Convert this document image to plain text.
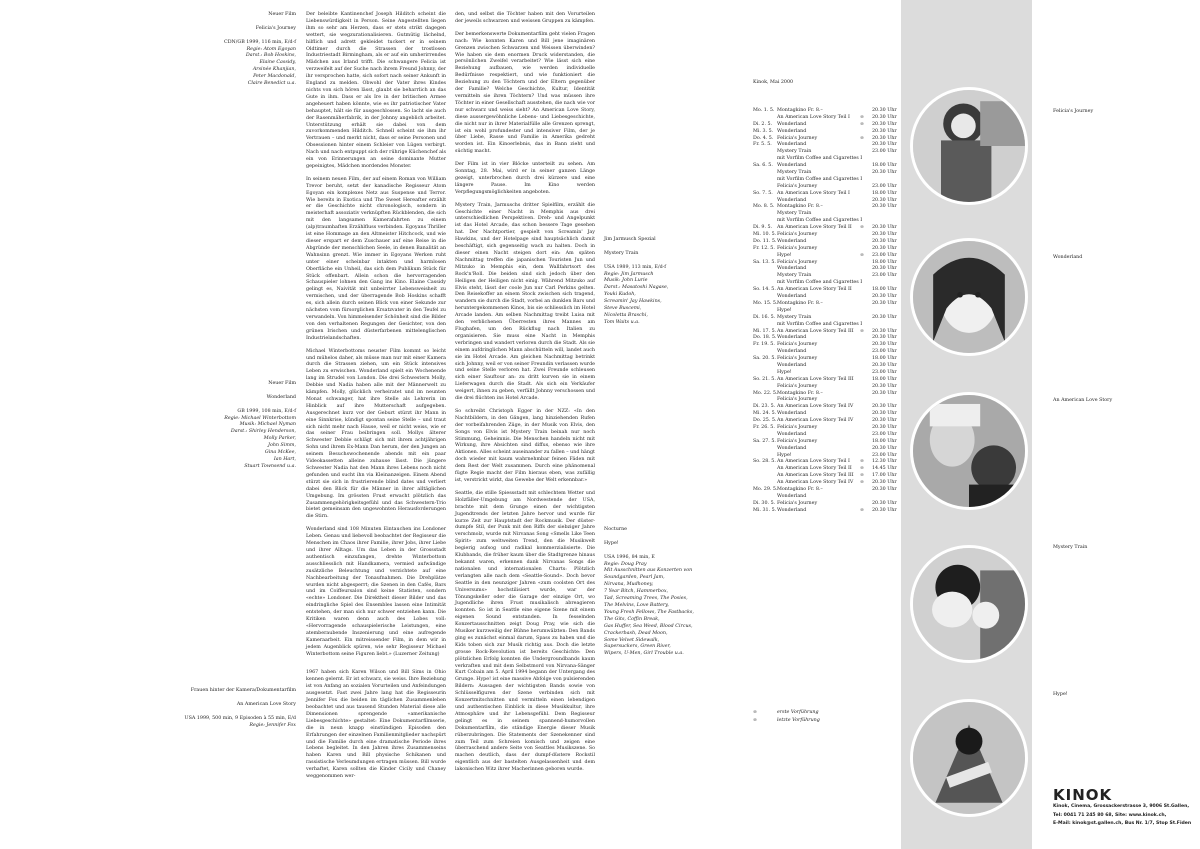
Neuer Film

Felicia's Journey

CDN/GB 1999, 116 min, E/d-f
Regie: Atom Egoyan
Darst.: Bob Hoskins,
Elaine Cassidy,
Arsinée Khanjian,
Peter Macdonald,
Claire Benedict u.a.
Neuer Film

Wonderland

GB 1999, 108 min, E/d-f
Regie: Michael Winterbottom
Musik: Michael Nyman
Darst.: Shirley Henderson,
Molly Parker,
John Simm,
Gina McKee,
Ian Hart,
Stuart Townsend u.a.
Frauen hinter der Kamera/Dokumentarfilm

An American Love Story

USA 1999, 500 min, 9 Episoden à 55 min, E/d
Regie: Jennifer Fox

Der beleibte Kantinenchef Joseph Hilditch scheint die Liebenswürdigkeit in Person. Seine Angestellten liegen ihm so sehr am Herzen, dass er stets strikt dagegen wettert, sie wegzurationalisieren. Gutmütig lächelnd, hilflich und adrett gekleidet tuckert er in seinem Oldtimer durch die Strassen der trostlosen Industriestadt Birmingham, als er auf ein umherirrendes Mädchen aus Irland trifft. Die schwangere Felicia ist verzweifelt auf der Suche nach ihrem Freund Johnny, der ihr versprochen hatte, sich sofort nach seiner Ankunft in England zu melden. Obwohl der Vater ihres Kindes nichts von sich hören lässt, glaubt sie beharrlich an das Gute in ihm. Dass er als Ire in der britischen Armee angeheuert haben könnte, wie es ihr patriotischer Vater behauptet, hält sie für ausgeschlossen. So lacht sie auch der Rasenmäherfabrik, in der Johnny angeblich arbeitet. Unterstützung erhält sie dabei von dem zuvorkommenden Hilditch. Schnell scheint sie ihm ihr Vertrauen – und merkt nicht, dass er seine Personen und Obsessionen hinter einem Schleier von Lügen verbirgt. Nach und nach entpuppt sich der rührige Küchenchef als ein von Erinnerungen an seine dominante Mutter gepeinigtes, Mädchen mordendes Monster.

In seinem neuen Film, der auf einem Roman von William Trevor beruht, setzt der kanadische Regisseur Atom Egoyan ein komplexes Netz aus Suspense und Terror. Wie bereits in Exotica und The Sweet Hereafter erzählt er die Geschichte nicht chronologisch, sondern in meisterhaft assoziativ verknüpften Rückblenden, die sich mit den langsamen Kamerafahrten zu einem (alp)traumhaften Erzählfluss verbinden. Egoyans Thriller ist eine Hommage an den Altmeister Hitchcock, und wie dieser erspart er dem Zuschauer auf eine Reise in die Abgründe der menschlichen Seele, in denen Banalität an Wahnsinn grenzt. Wie immer in Egoyans Werken ruht unter einer scheinbar intakten und harmlosen Oberfläche ein Unheil, das sich dem Publikum Stück für Stück offenbart. Allein schon die hervorragenden Schauspieler lohnen den Gang ins Kino. Elaine Cassidy gelingt es, Naivität mit unbeirrter Lebensweisheit zu vermischen, und der überragende Bob Hoskins schafft es, sich allein durch seinen Blick von einer Sekunde zur nächsten vom fürsorglichen Ersatzvater in den Teufel zu verwandeln. Von himmelsender Schönheit sind die Bilder von den verhaltenen Regungen der Gesichter, von den grünen Irischen und düsterfarbenen mittelenglischen Industrielandschaften.

Michael Winterbottoms neuster Film kommt so leicht und mühelos daher, als müsse man nur mit einer Kamera durch die Strassen ziehen, um ein Stück intensives Leben zu erwischen. Wonderland spielt ein Wochenende lang im Strudel von London. Die drei Schwestern Molly, Debbie und Nadia haben alle mit der Männerwelt zu kämpfen. Molly, glücklich verheiratet und im neunten Monat schwanger, hat ihre Stelle als Lehrerin im Hinblick auf ihre Mutterschaft aufgegeben. Ausgerechnet kurz vor der Geburt stürzt ihr Mann in eine Sinnkrise, kündigt spontan seine Stelle – und traut sich nicht mehr nach Hause, weil er nicht weiss, wie er das seiner Frau beibringen soll. Mollys älterer Schwester Debbie schlägt sich mit ihrem achtjährigen Sohn und ihrem Ex-Mann Dan herum, der den Jungen an seinem Besuchswochenende abends mit ein paar Videokassetten alleine zuhause lässt. Die jüngere Schwester Nadia hat den Mann ihres Lebens noch nicht gefunden und sucht ihn via Kleinanzeigen. Einem Abend stürzt sie sich in frustrierende blind dates und verliert dabei den Blick für die Männer in ihrer alltäglichen Umgebung. Im grössten Frust erwacht plötzlich das Zusammengehörigkeitsgefühl und das Schwestern-Trio bietet gemeinsam den ungewohnten Herausforderungen die Stirn.

Wonderland sind 108 Minuten Eintauchen ins Londoner Leben. Genau und liebevoll beobachtet der Regisseur die Menschen im Chaos ihrer Familie, ihrer Jobs, ihrer Liebe und ihrer Alltags. Um das Leben in der Grossstadt authentisch einzufangen, drehte Winterbottom ausschliesslich mit Handkamera, vermied aufwändige zusätzliche Beleuchtung und verzichtete auf eine Nachbearbeitung der Tonaufnahmen. Die Drehplätze wurden nicht abgesperrt; die Szenen in den Cafés, Bars und im Coiffeursalon sind keine Statisten, sondern «echte» Londoner. Die Direktheit dieser Bilder und das eindringliche Spiel des Ensembles lassen eine Intimität entstehen, der man sich nur schwer entziehen kann. Die Kritiken waren denn auch des Lobes voll: «Hervorragende schauspielerische Leistungen, eine atemberaubende Inszenierung und eine aufregende Kameraarbeit. Ein mitreissender Film, in dem wir in jedem Augenblick spüren, wie sehr Regisseur Michael Winterbottom seine Figuren liebt.» (Luzerner Zeitung)

1967 haben sich Karen Wilson und Bill Sims in Ohio kennen gelernt. Er ist schwarz, sie weiss. Ihre Beziehung ist von Anfang an sozialen Vorurteilen und Anfeindungen ausgesetzt. Fast zwei Jahre lang hat die Regisseurin Jennifer Fox die beiden im täglichen Zusammenleben beobachtet und aus tausend Stunden Material diese alle Dimensionen sprengende «amerikanische Liebesgeschichte» gestaltet: Eine Dokumentarfilmserie, die in neun knapp einstündigen Episoden den Erfahrungen der einzelnen Familienmitglieder nachspürt und die Familie durch eine dramatische Periode ihres Lebens begleitet. In den Jahren ihres Zusammenseins haben Karen und Bill physische Schikanen und rassistische Verleumdungen ertragen müssen. Bill wurde verhaftet, Karen sollten die Kinder Cicily und Chaney weggenommen wer-

den, und selbst die Töchter haben mit den Vorurteilen der jeweils schwarzen und weissen Gruppen zu kämpfen.

Der bemerkenswerte Dokumentarfilm geht vielen Fragen nach: Wie konnten Karen und Bill jene imaginären Grenzen zwischen Schwarzen und Weissen überwinden? Wie haben sie dem enormen Druck widerstanden, die persönlichen Zweifel verarbeitet? Wie lässt sich eine Beziehung aufbauen, wie werden individuelle Bedürfnisse respektiert, und wie funktioniert die Beziehung zu den Töchtern und der Eltern gegenüber der Familie? Welche Geschichte, Kultur, Identität vermitteln sie ihren Töchtern? Und was müssen ihre Töchter in einer Gesellschaft ausstehen, die nach wie vor nur schwarz und weiss sieht? An American Love Story, diese aussergewöhnliche Lebens- und Liebesgeschichte, die nicht nur in ihrer Materialfülle alle Grenzen sprengt, ist ein wohl profundester und intensiver Film, der je über Liebe, Rasse und Familie in Amerika gedreht worden ist. Ein Kinoerlebnis, das in Bann zieht und süchtig macht.

Der Film ist in vier Blöcke unterteilt zu sehen. Am Sonntag, 28. Mai, wird er in seiner ganzen Länge gezeigt, unterbrochen durch drei kürzere und eine längere Pause. Im Kino werden Verpflegungsmöglichkeiten angeboten.

Mystery Train, Jarmuschs dritter Spielfilm, erzählt die Geschichte einer Nacht in Memphis aus drei unterschiedlichen Perspektiven. Dreh- und Angelpunkt ist das Hotel Arcade, das schon bessere Tage gesehen hat. Der Nachtportier, gespielt von Screamin' Jay Hawkins, und der Hotelpage sind hauptsächlich damit beschäftigt, sich gegenseitig wach zu halten. Doch in dieser einen Nacht steigen dort ein: Am späten Nachmittag treffen die japanischen Touristen Jun und Mitzuko in Memphis ein, dem Wallfahrtsort des Rock'n'Roll. Die beiden sind sich jedoch über den Heiligen der Heiligen nicht einig. Während Mitzuko auf Elvis steht, lässt der coole Jun nur Carl Perkins gelten. Den Reisekoffer an einem Stock zwischen sich tragend, wandern sie durch die Stadt, vorbei an dunklen Bars und heruntergekommenen Kinos, bis sie schliesslich im Hotel Arcade landen. Am selben Nachmittag treibt Luisa mit den verblichenen Überresten ihres Mannes am Flughafen, um den Rückflug nach Italien zu organisieren. Sie muss eine Nacht in Memphis verbringen und wandert verloren durch die Stadt. Als sie einem aufdringlichen Mann abschütteln will, landet auch sie im Hotel Arcade. Am gleichen Nachmittag betrinkt sich Johnny, weil er von seiner Freundin verlassen wurde und seine Stelle verloren hat. Zwei Freunde schleusen sich einer Sauftour an: zu dritt kurven sie in einem Lieferwagen durch die Stadt. Als sich ein Verkäufer weigert, ihnen zu geben, verfällt Johnny verschossen und die drei flüchten ins Hotel Arcade.

So schreibt Christoph Egger in der NZZ: «In den Nachtbildern, in den Gängen, lang hinziehenden Rufen der vorbeifahrenden Züge, in der Musik von Elvis, den Songs von Elvis ist Mystery Train beinah nur noch Stimmung, Geheimnis. Die Menschen handeln nicht mit Wirkung, ihre Absichten sind diffus, ebenso wie ihre Aktionen. Alles scheint auseinander zu fallen – und hängt doch wieder mit kaum wahrnehmbar feinen Fäden mit dem Rest der Welt zusammen. Durch eine phänomenal fügte Regie macht der Film hieraus eben, was zufällig ist, verstrickt wirkt, das Gewebe der Welt erkennbar.»

Seattle, die stille Spiessstadt mit schlechtem Wetter und Holzfäller-Umgebung am Nordwestende der USA, brachte mit dem Grunge einen der wichtigsten Jugendtrends der letzten Jahre hervor und wurde für kurze Zeit zur Hauptstadt der Rockmusik. Der düster-dumpfe Stil, der Punk mit den Riffs der siebziger Jahre verschmolz, wurde mit Nirvanas Song «Smells Like Teen Spirit» zum weltweiten Trend, den die Musikwelt begierig aufsog und radikal kommerzialisierte. Die Klubbands, die früher kaum über die Stadtgrenze hinaus bekannt waren, erkennen dank Nirvanas Songs die nationalen und internationalen Charts: Plötzlich verlangten alle nach dem «Seattle-Sound». Doch bevor Seattle in den neunziger Jahren «zum coolsten Ort des Universums» hochstilisiert wurde, war der Tönungskeller oder die Garage der einzige Ort, wo Jugendliche ihren Frust musikalisch abreagieren konnten. So ist in Seattle eine eigene Szene mit einem eigenen Sound entstanden. In fesselnden Konzertausschnitten zeigt Doug Pray, wie sich die Musiker kurzweilig der Bühne herumwälzten: Den Bands ging es zunächst einmal darum, Spass zu haben und die Kids toben sich zur Musik richtig aus. Doch die letzte grosse Rock-Revolution ist bereits Geschichte: Den plötzlichen Erfolg konnten die Undergroundbands kaum verkraften und mit dem Selbstmord von Nirvana-Sänger Kurt Cobain am 5. April 1994 begann der Untergang des Grunge. Hype! ist eine massive Abfolge von pulsierenden Bildern: Aussagen der wichtigsten Bands sowie von Schlüsselfiguren der Szene verbinden sich mit Konzertmitschnitten und vermitteln einen lebendigen und authentischen Einblick in diese Musikkultur, ihre Atmosphäre und ihr Lebensgefühl. Dem Regisseur gelingt es in seinem spannend-humorvollen Dokumentarfilm, die ständige Energie dieser Musik rüberzubringen. Die Statements der Szenekenner sind zum Teil zum Schreien komisch und zeigen eine überraschend andere Seite von Seattles Musikszene. So machen deutlich, dass der dumpf-düstere Rockstil eigentlich aus der bastelten Ausgelassenheit und dem lakonischen Witz ihrer Macherinnen geboren wurde.

Jim Jarmusch Spezial

Mystery Train

USA 1989, 113 min, E/d-f
Regie: Jim Jarmusch
Musik: John Lurie
Darst.: Masatoshi Nagase,
Youki Kudoh,
Screamin' Jay Hawkins,
Steve Buscemi,
Nicoletta Braschi,
Tom Waits u.a.
Nocturne

Hype!

USA 1996, 84 min, E
Regie: Doug Pray
Mit Ausschnitten aus Konzerten von
Soundgarden, Pearl Jam,
Nirvana, Mudhoney,
7 Year Bitch, Hammerbox,
Tad, Screaming Trees, The Posies,
The Melvins, Love Battery,
Young Fresh Fellows, The Fastbacks,
The Gits, Coffin Break,
Gas Huffer, Sea Weed, Blood Circus,
Crackerbash, Dead Moon,
Some Velvet Sidewalk,
Supersuckers, Green River,
Wipers, U-Men, Girl Trouble u.a.
Kinok, Mai 2000
Mo. 1. 5. Montagkino Fr. 8.–	20.30 Uhr
An American Love Story Teil I ∞ 20.30 Uhr
Di. 2. 5. Wonderland	∞ 20.30 Uhr
Mi. 3. 5. Wonderland	20.30 Uhr
Do. 4. 5. Felicia's Journey	∞ 20.30 Uhr
Fr. 5. 5. Wonderland	20.30 Uhr
Mystery Train	23.00 Uhr
mit Vorfilm Coffee and Cigarettes I
Sa. 6. 5. Wonderland	18.00 Uhr
Mystery Train	20.30 Uhr
mit Vorfilm Coffee and Cigarettes I
Felicia's Journey	23.00 Uhr
So. 7. 5. An American Love Story Teil I	18.00 Uhr
Wonderland	20.30 Uhr
Mo. 8. 5. Montagkino Fr. 8.–	20.30 Uhr
Mystery Train
mit Vorfilm Coffee and Cigarettes I
Di. 9. 5. An American Love Story Teil II ∞ 20.30 Uhr
Mi. 10. 5. Felicia's Journey	20.30 Uhr
Do. 11. 5. Wonderland	20.30 Uhr
Fr. 12. 5. Felicia's Journey	20.30 Uhr
Hype!	∞ 23.00 Uhr
Sa. 13. 5. Felicia's Journey	18.00 Uhr
Wonderland	20.30 Uhr
Mystery Train	23.00 Uhr
mit Vorfilm Coffee and Cigarettes I
So. 14. 5. An American Love Story Teil II	18.00 Uhr
Wonderland	20.30 Uhr
Mo. 15. 5. Montagkino Fr. 8.–	20.30 Uhr
Hype!
Di. 16. 5. Mystery Train	20.30 Uhr
mit Vorfilm Coffee and Cigarettes I
Mi. 17. 5. An American Love Story Teil III ∞ 20.30 Uhr
Do. 18. 5. Wonderland	20.30 Uhr
Fr. 19. 5. Felicia's Journey	20.30 Uhr
Wonderland	23.00 Uhr
Sa. 20. 5. Felicia's Journey	18.00 Uhr
Wonderland	20.30 Uhr
Hype!	23.00 Uhr
So. 21. 5. An American Love Story Teil III	18.00 Uhr
Felicia's Journey	20.30 Uhr
Mo. 22. 5. Montagkino Fr. 8.–	20.30 Uhr
Felicia's Journey
Di. 23. 5. An American Love Story Teil IV	20.30 Uhr
Mi. 24. 5. Wonderland	20.30 Uhr
Do. 25. 5. An American Love Story Teil IV	20.30 Uhr
Fr. 26. 5. Felicia's Journey	20.30 Uhr
Wonderland	23.00 Uhr
Sa. 27. 5. Felicia's Journey	18.00 Uhr
Wonderland	20.30 Uhr
Hype!	23.00 Uhr
So. 28. 5. An American Love Story Teil I ∞ 12.30 Uhr
An American Love Story Teil II ∞ 14.45 Uhr
An American Love Story Teil III ∞ 17.00 Uhr
An American Love Story Teil IV ∞ 20.30 Uhr
Mo. 29. 5. Montagkino Fr. 8.–	20.30 Uhr
Wonderland
Di. 30. 5. Felicia's Journey	20.30 Uhr
Mi. 31. 5. Wonderland	∞ 20.30 Uhr
∞	erste Vorführung
∞	letzte Vorführung
Felicia's Journey
Wonderland
An American Love Story
Mystery Train
Hype!
KINOK
Kinok, Cinema, Grossackerstrasse 3, 9006 St.Gallen,
Tel: 0041 71 245 80 68, Site: www.kinok.ch,
E-Mail: kinok@st.gallen.ch, Bus Nr. 1/7, Stop St.Fiden
